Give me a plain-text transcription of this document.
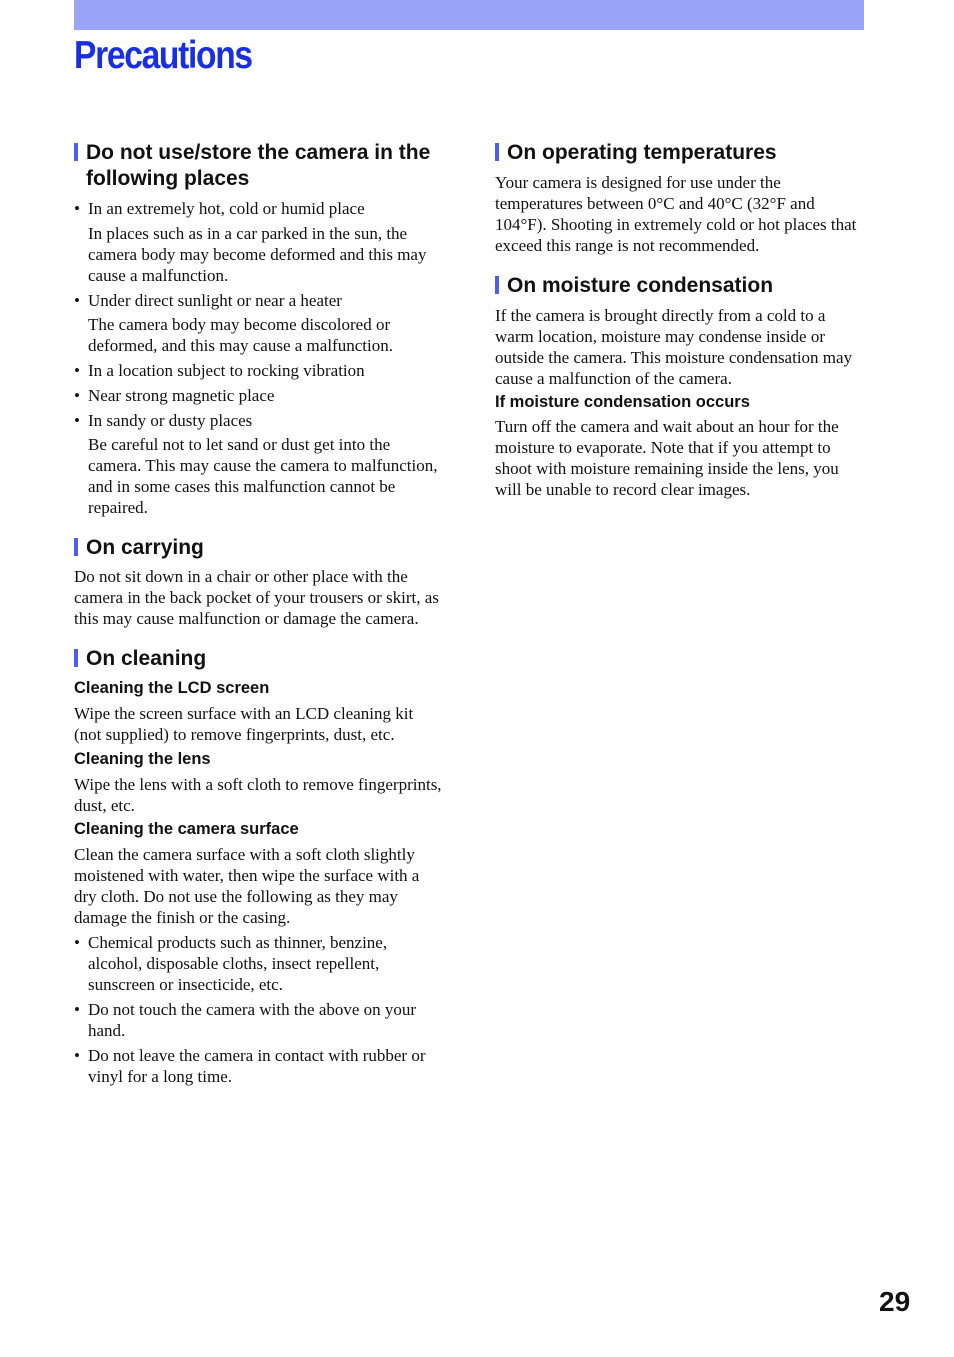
Precautions
Do not use/store the camera in the following places

• In an extremely hot, cold or humid place

In places such as in a car parked in the sun, the camera body may become deformed and this may cause a malfunction.

• Under direct sunlight or near a heater

The camera body may become discolored or deformed, and this may cause a malfunction.

• In a location subject to rocking vibration

• Near strong magnetic place

• In sandy or dusty places

Be careful not to let sand or dust get into the camera. This may cause the camera to malfunction, and in some cases this malfunction cannot be repaired.

On carrying

Do not sit down in a chair or other place with the camera in the back pocket of your trousers or skirt, as this may cause malfunction or damage the camera.

On cleaning
Cleaning the LCD screen

Wipe the screen surface with an LCD cleaning kit (not supplied) to remove fingerprints, dust, etc.

Cleaning the lens

Wipe the lens with a soft cloth to remove fingerprints, dust, etc.

Cleaning the camera surface

Clean the camera surface with a soft cloth slightly moistened with water, then wipe the surface with a dry cloth. Do not use the following as they may damage the finish or the casing.

• Chemical products such as thinner, benzine, alcohol, disposable cloths, insect repellent, sunscreen or insecticide, etc.

• Do not touch the camera with the above on your hand.

• Do not leave the camera in contact with rubber or vinyl for a long time.

On operating temperatures

Your camera is designed for use under the temperatures between 0°C and 40°C (32°F and 104°F). Shooting in extremely cold or hot places that exceed this range is not recommended.

On moisture condensation

If the camera is brought directly from a cold to a warm location, moisture may condense inside or outside the camera. This moisture condensation may cause a malfunction of the camera.

If moisture condensation occurs

Turn off the camera and wait about an hour for the moisture to evaporate. Note that if you attempt to shoot with moisture remaining inside the lens, you will be unable to record clear images.

29
